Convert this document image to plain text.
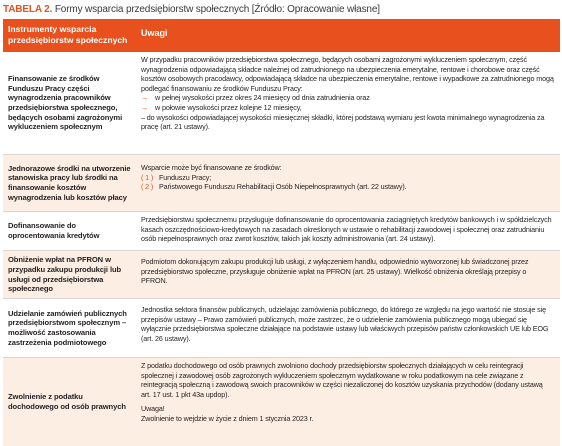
TABELA 2. Formy wsparcia przedsiębiorstw społecznych [Źródło: Opracowanie własne]
Instrumenty wsparcia przedsiębiorstw społecznych
Uwagi
Finansowanie ze środków Funduszu Pracy części wynagrodzenia pracowników przedsiębiorstwa społecznego, będących osobami zagrożonymi wykluczeniem społecznym
W przypadku pracowników przedsiębiorstwa społecznego, będących osobami zagrożonymi wykluczeniem społecznym, część wynagrodzenia odpowiadającą składce należnej od zatrudnionego na ubezpieczenia emerytalne, rentowe i chorobowe oraz część kosztów osobowych pracodawcy, odpowiadającą składce na ubezpieczenia emerytalne, rentowe i wypadkowe za zatrudnionego mogą podlegać finansowaniu ze środków Funduszu Pracy:
→ w pełnej wysokości przez okres 24 miesięcy od dnia zatrudnienia oraz
→ w połowie wysokości przez kolejne 12 miesięcy,
– do wysokości odpowiadającej wysokości miesięcznej składki, której podstawą wymiaru jest kwota minimalnego wynagrodzenia za pracę (art. 21 ustawy).
Jednorazowe środki na utworzenie stanowiska pracy lub środki na finansowanie kosztów wynagrodzenia lub kosztów płacy
Wsparcie może być finansowane ze środków:
( 1 ) Funduszu Pracy;
( 2 ) Państwowego Funduszu Rehabilitacji Osób Niepełnosprawnych (art. 22 ustawy).
Dofinansowanie do oprocentowania kredytów
Przedsiębiorstwu społecznemu przysługuje dofinansowanie do oprocentowania zaciągniętych kredytów bankowych i w spółdzielczych kasach oszczędnościowo-kredytowych na zasadach określonych w ustawie o rehabilitacji zawodowej i społecznej oraz zatrudnianiu osób niepełnosprawnych oraz zwrot kosztów, takich jak koszty administrowania (art. 24 ustawy).
Obniżenie wpłat na PFRON w przypadku zakupu produkcji lub usługi od przedsiębiorstwa społecznego
Podmiotom dokonującym zakupu produkcji lub usługi, z wyłączeniem handlu, odpowiednio wytworzonej lub świadczonej przez przedsiębiorstwo społeczne, przysługuje obniżenie wpłat na PFRON (art. 25 ustawy). Wielkość obniżenia określają przepisy o PFRON.
Udzielanie zamówień publicznych przedsiębiorstwom społecznym – możliwość zastosowania zastrzeżenia podmiotowego
Jednostka sektora finansów publicznych, udzielając zamówienia publicznego, do którego ze względu na jego wartość nie stosuje się przepisów ustawy – Prawo zamówień publicznych, może zastrzec, że o udzielenie zamówienia publicznego mogą ubiegać się wyłącznie przedsiębiorstwa społeczne działające na podstawie ustawy lub właściwych przepisów państw członkowskich UE lub EOG (art. 26 ustawy).
Zwolnienie z podatku dochodowego od osób prawnych
Z podatku dochodowego od osób prawnych zwolniono dochody przedsiębiorstw społecznych działających w celu reintegracji społecznej i zawodowej osób zagrożonych wykluczeniem społecznym wydatkowane w roku podatkowym na cele związane z reintegracją społeczną i zawodową swoich pracowników w części niezaliczonej do kosztów uzyskania przychodów (dodany ustawą art. 17 ust. 1 pkt 43a updop).
Uwaga!
Zwolnienie to wejdzie w życie z dniem 1 stycznia 2023 r.
